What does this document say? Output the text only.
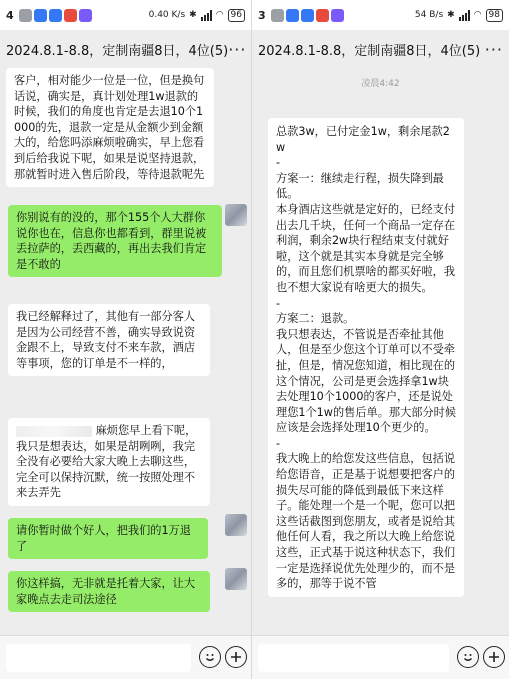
4	0.40 K/s ✱ ◠ 96
2024.8.1-8.8，定制南疆8日，4位(5) ···
客户，相对能少一位是一位，但是换句话说，确实是，真计划处理1w退款的时候，我们的角度也肯定是去退10个1000的先，退款一定是从金额少到金额大的，给您吗添麻烦啦确实，早上您看到后给我说下呢，如果是说坚持退款，那就暂时进入售后阶段，等待退款呢先
你别说有的没的，那个155个人大群你说你也在，信息你也都看到，群里说被丢拉萨的，丢西藏的，再出去我们肯定是不敢的
我已经解释过了，其他有一部分客人是因为公司经营不善，确实导致说资金跟不上，导致支付不来车款，酒店等事项，您的订单是不一样的，
麻烦您早上看下呢，我只是想表达，如果是胡咧咧，我完全没有必要给大家大晚上去聊这些，完全可以保持沉默，统一按照处理不来去弄先
请你暂时做个好人，把我们的1万退了
你这样搞，无非就是托着大家，让大家晚点去走司法途径
3	54 B/s ✱ ◠ 98
2024.8.1-8.8，定制南疆8日，4位(5) ···
凌晨4:42
总款3w，已付定金1w，剩余尾款2w
-
方案一：继续走行程，损失降到最低。
本身酒店这些就是定好的，已经支付出去几千块，任何一个商品一定存在利润，剩余2w块行程结束支付就好啦，这个就是其实本身就是完全够的，而且您们机票啥的都买好啦，我也不想大家说有啥更大的损失。
-
方案二：退款。
我只想表达，不管说是否牵扯其他人，但是至少您这个订单可以不受牵扯，但是，情况您知道，相比现在的这个情况，公司是更会选择拿1w块去处理10个1000的客户，还是说处理您1个1w的售后单。那大部分时候应该是会选择处理10个更少的。
-
我大晚上的给您发这些信息，包括说给您语音，正是基于说想要把客户的损失尽可能的降低到最低下来这样子。能处理一个是一个呢，您可以把这些话截图到您朋友，或者是说给其他任何人看，我之所以大晚上给您说这些，正式基于说这种状态下，我们一定是选择说优先处理少的，而不是多的，那等于说不管
